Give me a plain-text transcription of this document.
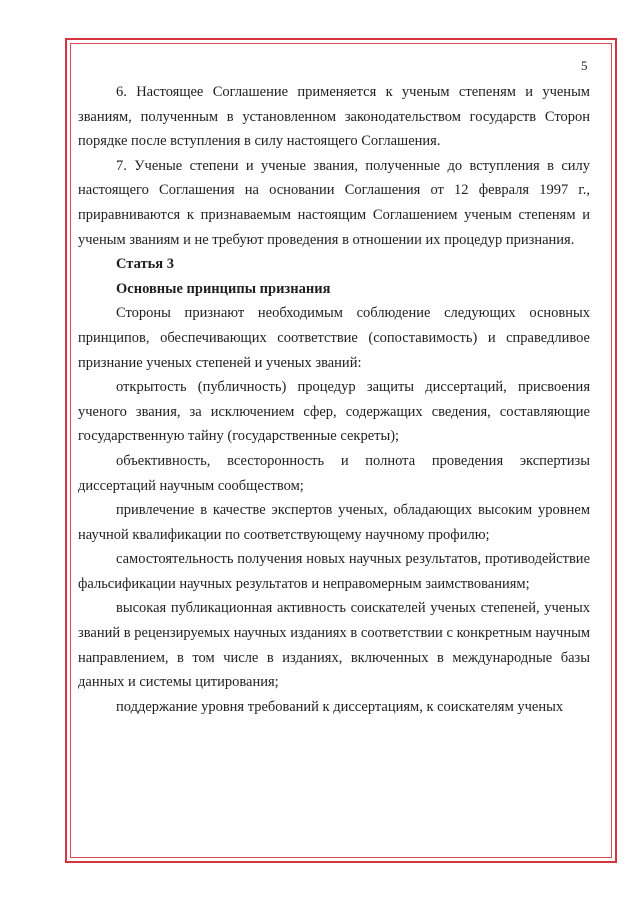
5

6. Настоящее Соглашение применяется к ученым степеням и ученым званиям, полученным в установленном законодательством государств Сторон порядке после вступления в силу настоящего Соглашения.

7. Ученые степени и ученые звания, полученные до вступления в силу настоящего Соглашения на основании Соглашения от 12 февраля 1997 г., приравниваются к признаваемым настоящим Соглашением ученым степеням и ученым званиям и не требуют проведения в отношении их процедур признания.

Статья 3

Основные принципы признания

Стороны признают необходимым соблюдение следующих основных принципов, обеспечивающих соответствие (сопоставимость) и справедливое признание ученых степеней и ученых званий:

открытость (публичность) процедур защиты диссертаций, присвоения ученого звания, за исключением сфер, содержащих сведения, составляющие государственную тайну (государственные секреты);

объективность, всесторонность и полнота проведения экспертизы диссертаций научным сообществом;

привлечение в качестве экспертов ученых, обладающих высоким уровнем научной квалификации по соответствующему научному профилю;

самостоятельность получения новых научных результатов, противодействие фальсификации научных результатов и неправомерным заимствованиям;

высокая публикационная активность соискателей ученых степеней, ученых званий в рецензируемых научных изданиях в соответствии с конкретным научным направлением, в том числе в изданиях, включенных в международные базы данных и системы цитирования;

поддержание уровня требований к диссертациям, к соискателям ученых
